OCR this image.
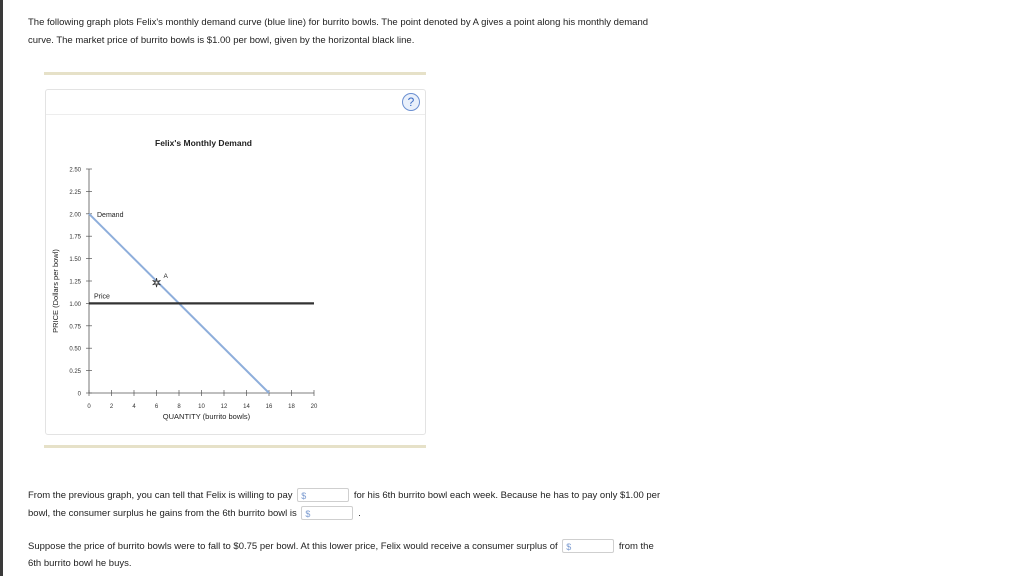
The following graph plots Felix's monthly demand curve (blue line) for burrito bowls. The point denoted by A gives a point along his monthly demand
curve. The market price of burrito bowls is $1.00 per bowl, given by the horizontal black line.
?
Felix's Monthly Demand
0
0.25
0.50
0.75
1.00
1.25
1.50
1.75
2.00
2.25
2.50
0	2	4	6	8	10	12	14	16	18	20
QUANTITY (burrito bowls)
PRICE (Dollars per bowl)
Demand
Price
✶ A
From the previous graph, you can tell that Felix is willing to pay $	for his 6th burrito bowl each week. Because he has to pay only $1.00 per
bowl, the consumer surplus he gains from the 6th burrito bowl is $	.
Suppose the price of burrito bowls were to fall to $0.75 per bowl. At this lower price, Felix would receive a consumer surplus of $	from the
6th burrito bowl he buys.
